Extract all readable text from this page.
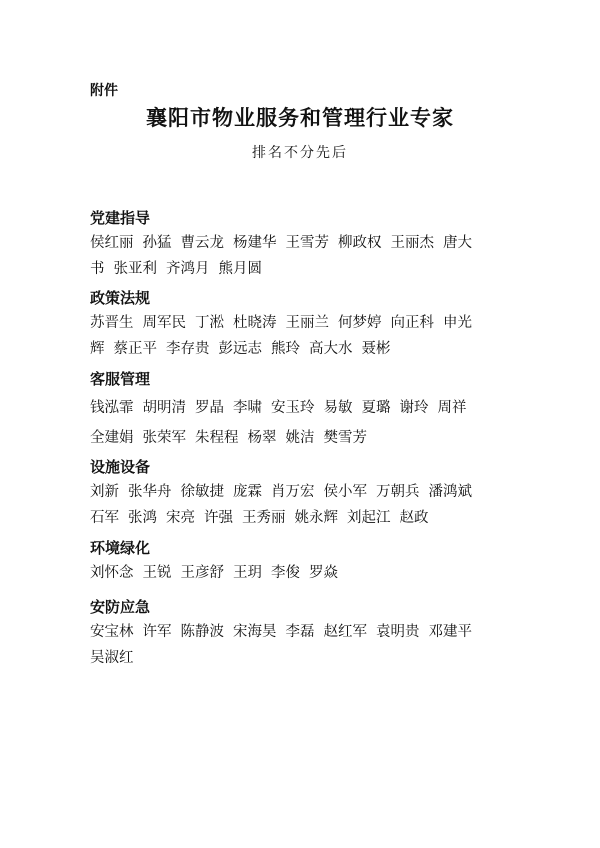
附件
襄阳市物业服务和管理行业专家
排名不分先后
党建指导
侯红丽 孙猛 曹云龙 杨建华 王雪芳 柳政权 王丽杰 唐大
书 张亚利 齐鸿月 熊月圆
政策法规
苏晋生 周军民 丁淞 杜晓涛 王丽兰 何梦婷 向正科 申光
辉 蔡正平 李存贵 彭远志 熊玲 高大水 聂彬
客服管理
钱泓霏 胡明清 罗晶 李啸 安玉玲 易敏 夏璐 谢玲 周祥
全建娟 张荣军 朱程程 杨翠 姚洁 樊雪芳
设施设备
刘新 张华舟 徐敏捷 庞霖 肖万宏 侯小军 万朝兵 潘鸿斌
石军 张鸿 宋亮 许强 王秀丽 姚永辉 刘起江 赵政
环境绿化
刘怀念 王锐 王彦舒 王玥 李俊 罗焱
安防应急
安宝林 许军 陈静波 宋海昊 李磊 赵红军 袁明贵 邓建平
吴淑红
